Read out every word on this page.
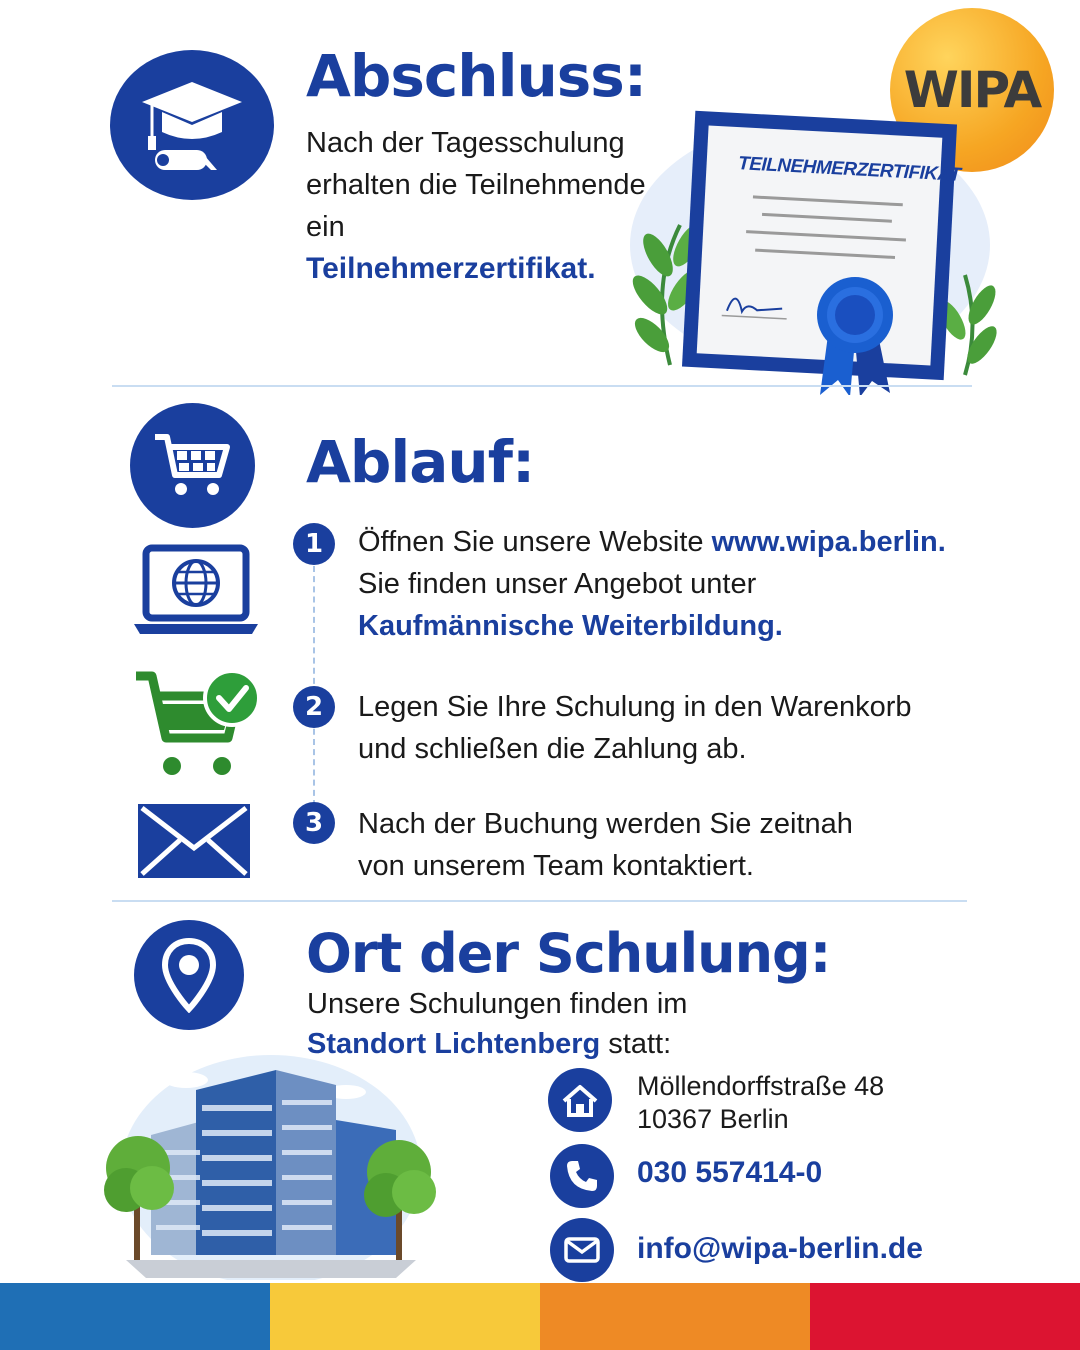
WIPA
Abschluss:
Nach der Tagesschulung
erhalten die Teilnehmende
ein
Teilnehmerzertifikat.
TEILNEHMERZERTIFIKAT
Ablauf:
1	Öffnen Sie unsere Website www.wipa.berlin.
Sie finden unser Angebot unter
Kaufmännische Weiterbildung.
2	Legen Sie Ihre Schulung in den Warenkorb
und schließen die Zahlung ab.
3	Nach der Buchung werden Sie zeitnah
von unserem Team kontaktiert.
Ort der Schulung:
Unsere Schulungen finden im
Standort Lichtenberg statt:
Möllendorffstraße 48
10367 Berlin
030 557414-0
info@wipa-berlin.de
